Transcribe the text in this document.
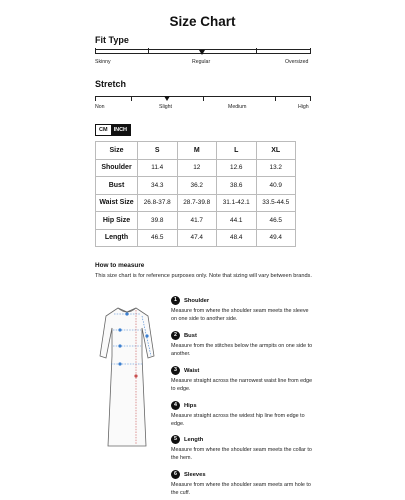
Size Chart
Fit Type
Skinny	Regular	Oversized
Stretch
Non	Slight	Medium	High
CM	INCH
Size	S	M	L	XL
Shoulder	11.4	12	12.6	13.2
Bust	34.3	36.2	38.6	40.9
Waist Size	26.8-37.8	28.7-39.8	31.1-42.1	33.5-44.5
Hip Size	39.8	41.7	44.1	46.5
Length	46.5	47.4	48.4	49.4
How to measure
This size chart is for reference purposes only. Note that sizing will vary between brands.
1	Shoulder
Measure from where the shoulder seam meets the sleeve on one side to another side.
2	Bust
Measure from the stitches below the armpits on one side to another.
3	Waist
Measure straight across the narrowest waist line from edge to edge.
4	Hips
Measure straight across the widest hip line from edge to edge.
5	Length
Measure from where the shoulder seam meets the collar to the hem.
6	Sleeves
Measure from where the shoulder seam meets arm hole to the cuff.
